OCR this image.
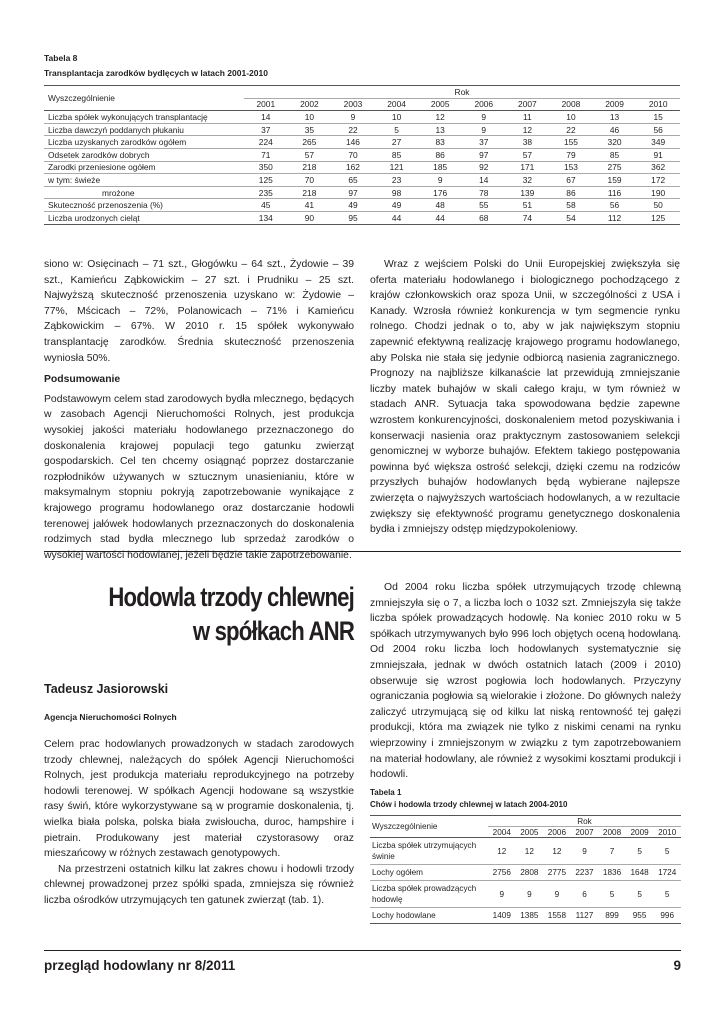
Tabela 8
Transplantacja zarodków bydlęcych w latach 2001-2010
Wyszczególnienie	Rok									
	2001	2002	2003	2004	2005	2006	2007	2008	2009	2010
Liczba spółek wykonujących transplantację	14	10	9	10	12	9	11	10	13	15
Liczba dawczyń poddanych płukaniu	37	35	22	5	13	9	12	22	46	56
Liczba uzyskanych zarodków ogółem	224	265	146	27	83	37	38	155	320	349
Odsetek zarodków dobrych	71	57	70	85	86	97	57	79	85	91
Zarodki przeniesione ogółem	350	218	162	121	185	92	171	153	275	362
w tym: świeże	125	70	65	23	9	14	32	67	159	172
mrożone	235	218	97	98	176	78	139	86	116	190
Skuteczność przenoszenia (%)	45	41	49	49	48	55	51	58	56	50
Liczba urodzonych cieląt	134	90	95	44	44	68	74	54	112	125

siono w: Osięcinach – 71 szt., Głogówku – 64 szt., Żydowie – 39 szt., Kamieńcu Ząbkowickim – 27 szt. i Prudniku – 25 szt. Najwyższą skuteczność przenoszenia uzyskano w: Żydowie – 77%, Mścicach – 72%, Polanowicach – 71% i Kamieńcu Ząbkowickim – 67%. W 2010 r. 15 spółek wykonywało transplantację zarodków. Średnia skuteczność przenoszenia wyniosła 50%.

Podsumowanie

Podstawowym celem stad zarodowych bydła mlecznego, będących w zasobach Agencji Nieruchomości Rolnych, jest produkcja wysokiej jakości materiału hodowlanego przeznaczonego do doskonalenia krajowej populacji tego gatunku zwierząt gospodarskich. Cel ten chcemy osiągnąć poprzez dostarczanie rozpłodników używanych w sztucznym unasienianiu, które w maksymalnym stopniu pokryją zapotrzebowanie wynikające z krajowego programu hodowlanego oraz dostarczanie hodowli terenowej jałówek hodowlanych przeznaczonych do doskonalenia rodzimych stad bydła mlecznego lub sprzedaż zarodków o wysokiej wartości hodowlanej, jeżeli będzie takie zapotrzebowanie.

Wraz z wejściem Polski do Unii Europejskiej zwiększyła się oferta materiału hodowlanego i biologicznego pochodzącego z krajów członkowskich oraz spoza Unii, w szczególności z USA i Kanady. Wzrosła również konkurencja w tym segmencie rynku rolnego. Chodzi jednak o to, aby w jak największym stopniu zapewnić efektywną realizację krajowego programu hodowlanego, aby Polska nie stała się jedynie odbiorcą nasienia zagranicznego. Prognozy na najbliższe kilkanaście lat przewidują zmniejszanie liczby matek buhajów w skali całego kraju, w tym również w stadach ANR. Sytuacja taka spowodowana będzie zapewne wzrostem konkurencyjności, doskonaleniem metod pozyskiwania i konserwacji nasienia oraz praktycznym zastosowaniem selekcji genomicznej w wyborze buhajów. Efektem takiego postępowania powinna być większa ostrość selekcji, dzięki czemu na rodziców przyszłych buhajów hodowlanych będą wybierane najlepsze zwierzęta o najwyższych wartościach hodowlanych, a w rezultacie zwiększy się efektywność programu genetycznego doskonalenia bydła i zmniejszy odstęp międzypokoleniowy.

Hodowla trzody chlewnej
w spółkach ANR
Tadeusz Jasiorowski
Agencja Nieruchomości Rolnych

Celem prac hodowlanych prowadzonych w stadach zarodowych trzody chlewnej, należących do spółek Agencji Nieruchomości Rolnych, jest produkcja materiału reprodukcyjnego na potrzeby hodowli terenowej. W spółkach Agencji hodowane są wszystkie rasy świń, które wykorzystywane są w programie doskonalenia, tj. wielka biała polska, polska biała zwisłoucha, duroc, hampshire i pietrain. Produkowany jest materiał czystorasowy oraz mieszańcowy w różnych zestawach genotypowych.

Na przestrzeni ostatnich kilku lat zakres chowu i hodowli trzody chlewnej prowadzonej przez spółki spada, zmniejsza się również liczba ośrodków utrzymujących ten gatunek zwierząt (tab. 1).

Od 2004 roku liczba spółek utrzymujących trzodę chlewną zmniejszyła się o 7, a liczba loch o 1032 szt. Zmniejszyła się także liczba spółek prowadzących hodowlę. Na koniec 2010 roku w 5 spółkach utrzymywanych było 996 loch objętych oceną hodowlaną. Od 2004 roku liczba loch hodowlanych systematycznie się zmniejszała, jednak w dwóch ostatnich latach (2009 i 2010) obserwuje się wzrost pogłowia loch hodowlanych. Przyczyny ograniczania pogłowia są wielorakie i złożone. Do głównych należy zaliczyć utrzymującą się od kilku lat niską rentowność tej gałęzi produkcji, która ma związek nie tylko z niskimi cenami na rynku wieprzowiny i zmniejszonym w związku z tym zapotrzebowaniem na materiał hodowlany, ale również z wysokimi kosztami produkcji i hodowli.

Tabela 1
Chów i hodowla trzody chlewnej w latach 2004-2010
Wyszczególnienie	Rok						
	2004	2005	2006	2007	2008	2009	2010
Liczba spółek utrzymujących świnie	12	12	12	9	7	5	5
Lochy ogółem	2756	2808	2775	2237	1836	1648	1724
Liczba spółek prowadzących hodowlę	9	9	9	6	5	5	5
Lochy hodowlane	1409	1385	1558	1127	899	955	996
przegląd hodowlany nr 8/2011	9
